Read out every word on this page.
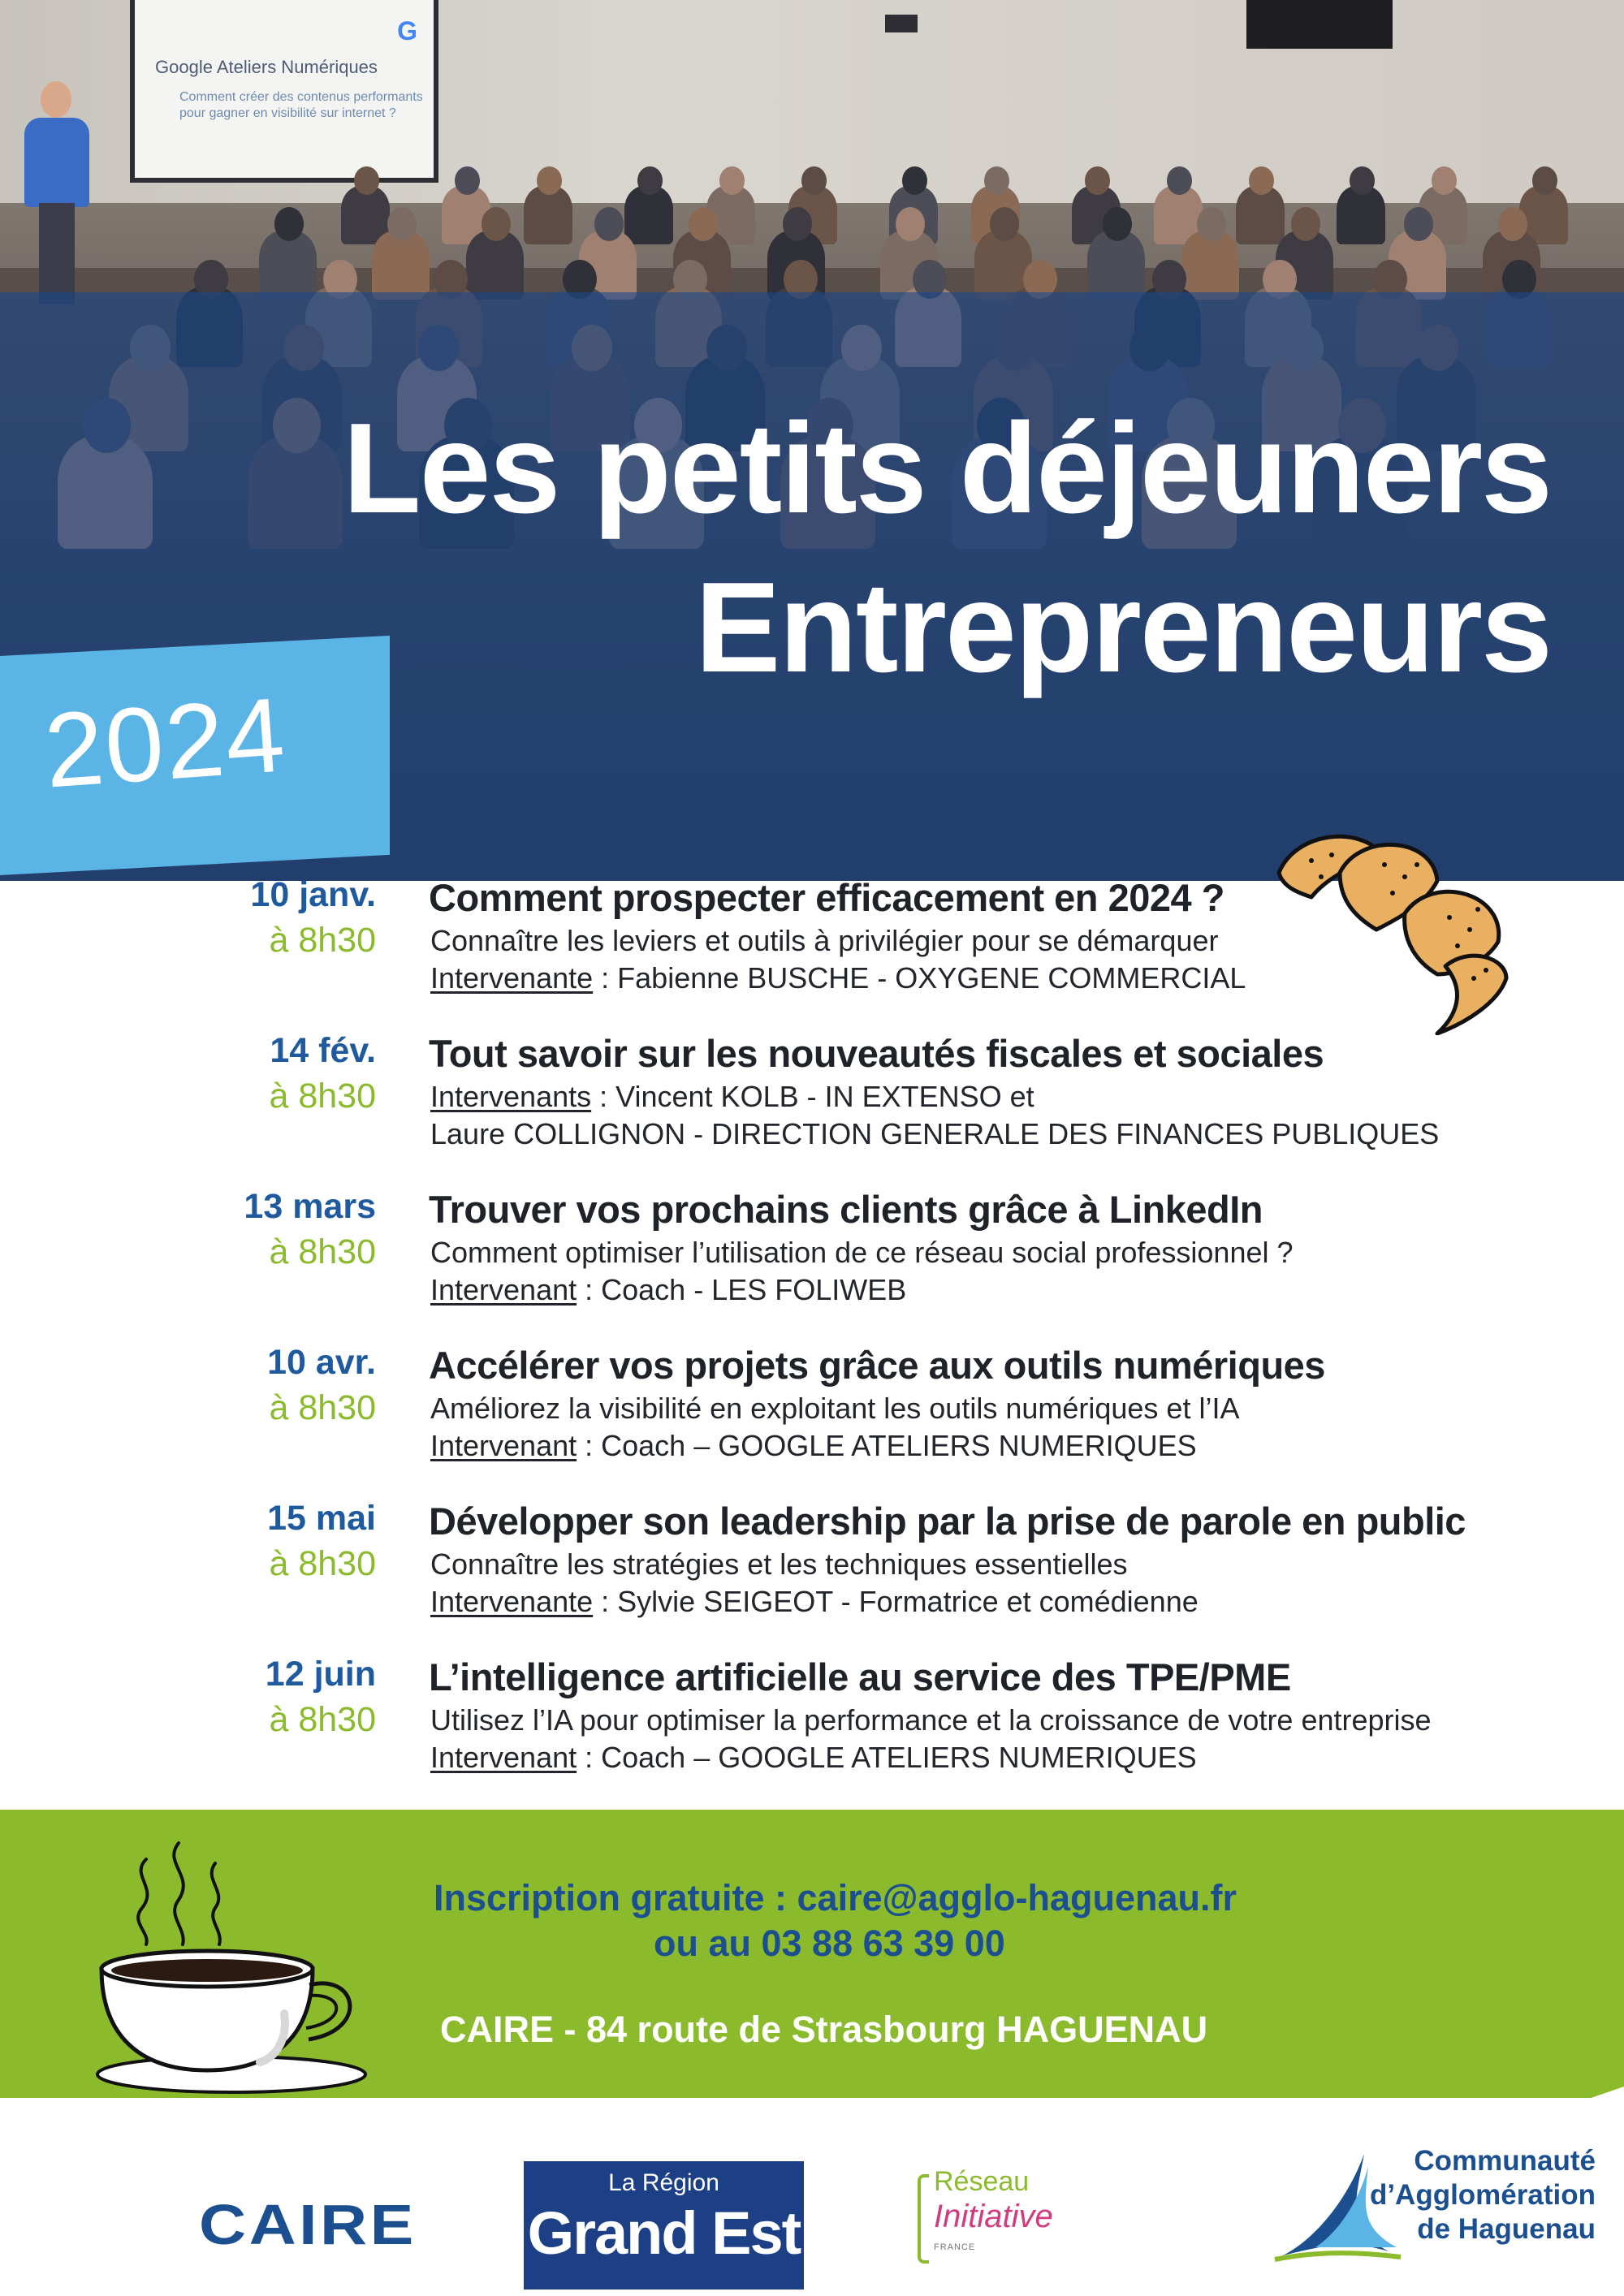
G
Google Ateliers Numériques
Comment créer des contenus performants pour gagner en visibilité sur internet ?
Les petits déjeuners
Entrepreneurs
2024
10 janv.
à 8h30
Comment prospecter efficacement en 2024 ?
Connaître les leviers et outils à privilégier pour se démarquer
Intervenante : Fabienne BUSCHE - OXYGENE COMMERCIAL
14 fév.
à 8h30
Tout savoir sur les nouveautés fiscales et sociales
Intervenants : Vincent KOLB - IN EXTENSO et
Laure COLLIGNON - DIRECTION GENERALE DES FINANCES PUBLIQUES
13 mars
à 8h30
Trouver vos prochains clients grâce à LinkedIn
Comment optimiser l’utilisation de ce réseau social professionnel ?
Intervenant : Coach - LES FOLIWEB
10 avr.
à 8h30
Accélérer vos projets grâce aux outils numériques
Améliorez la visibilité en exploitant les outils numériques et l’IA
Intervenant : Coach – GOOGLE ATELIERS NUMERIQUES
15 mai
à 8h30
Développer son leadership par la prise de parole en public
Connaître les stratégies et les techniques essentielles
Intervenante : Sylvie SEIGEOT - Formatrice et comédienne
12 juin
à 8h30
L’intelligence artificielle au service des TPE/PME
Utilisez l’IA pour optimiser la performance et la croissance de votre entreprise
Intervenant : Coach – GOOGLE ATELIERS NUMERIQUES
Inscription gratuite : caire@agglo-haguenau.fr
ou au 03 88 63 39 00
CAIRE - 84 route de Strasbourg HAGUENAU
CAIRE
La Région
Grand Est
Réseau
Initiative
FRANCE
Communauté
d’Agglomération
de Haguenau
